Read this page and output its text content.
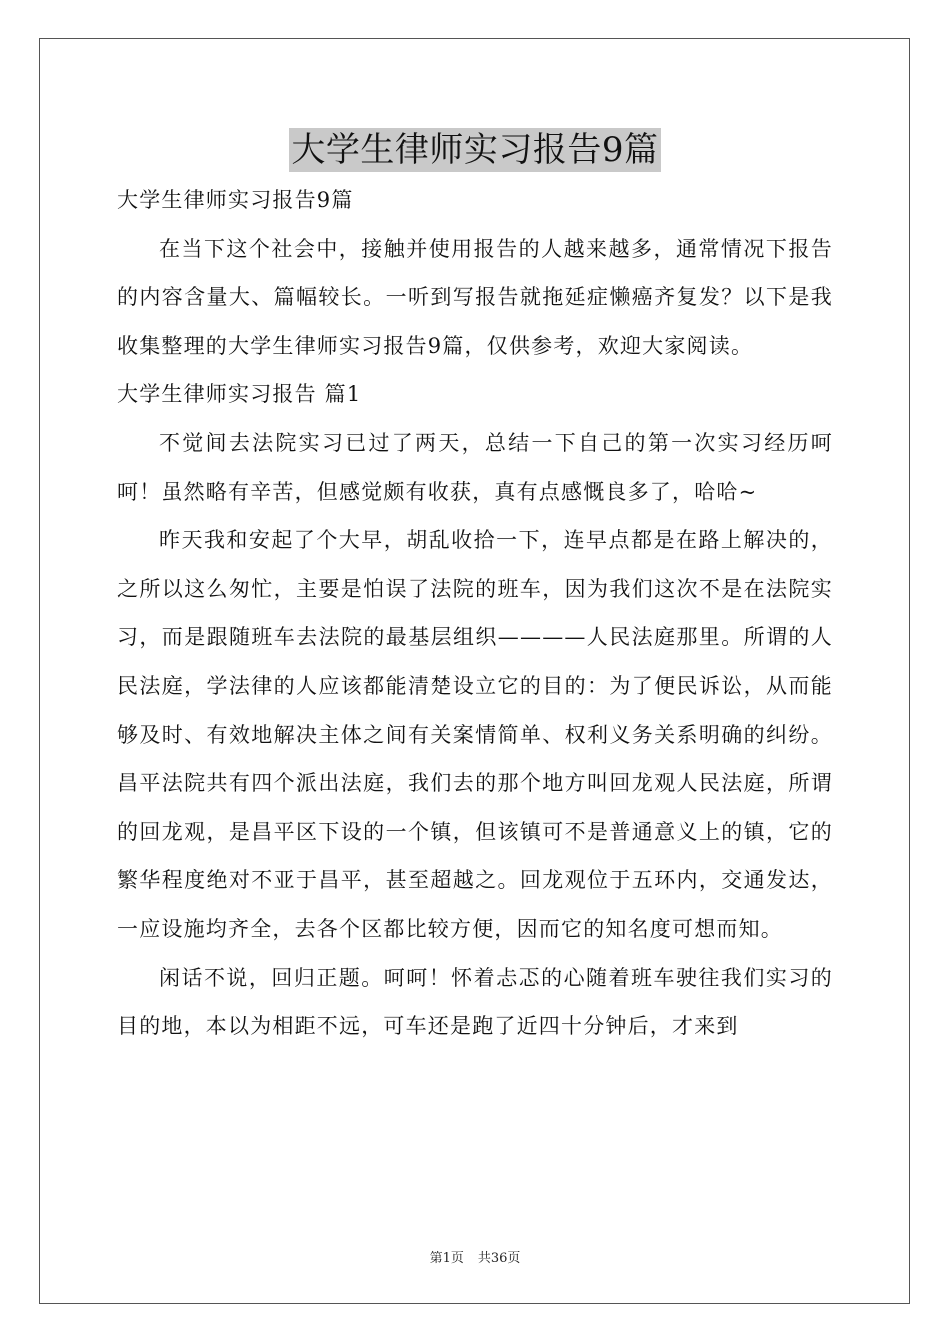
大学生律师实习报告9篇

大学生律师实习报告9篇

在当下这个社会中，接触并使用报告的人越来越多，通常情况下报告的内容含量大、篇幅较长。一听到写报告就拖延症懒癌齐复发？以下是我收集整理的大学生律师实习报告9篇，仅供参考，欢迎大家阅读。

大学生律师实习报告 篇1

不觉间去法院实习已过了两天，总结一下自己的第一次实习经历呵呵！虽然略有辛苦，但感觉颇有收获，真有点感慨良多了，哈哈~

昨天我和安起了个大早，胡乱收拾一下，连早点都是在路上解决的，之所以这么匆忙，主要是怕误了法院的班车，因为我们这次不是在法院实习，而是跟随班车去法院的最基层组织————人民法庭那里。所谓的人民法庭，学法律的人应该都能清楚设立它的目的：为了便民诉讼，从而能够及时、有效地解决主体之间有关案情简单、权利义务关系明确的纠纷。昌平法院共有四个派出法庭，我们去的那个地方叫回龙观人民法庭，所谓的回龙观，是昌平区下设的一个镇，但该镇可不是普通意义上的镇，它的繁华程度绝对不亚于昌平，甚至超越之。回龙观位于五环内，交通发达，一应设施均齐全，去各个区都比较方便，因而它的知名度可想而知。

闲话不说，回归正题。呵呵！怀着忐忑的心随着班车驶往我们实习的目的地，本以为相距不远，可车还是跑了近四十分钟后，才来到

第1页 共36页
